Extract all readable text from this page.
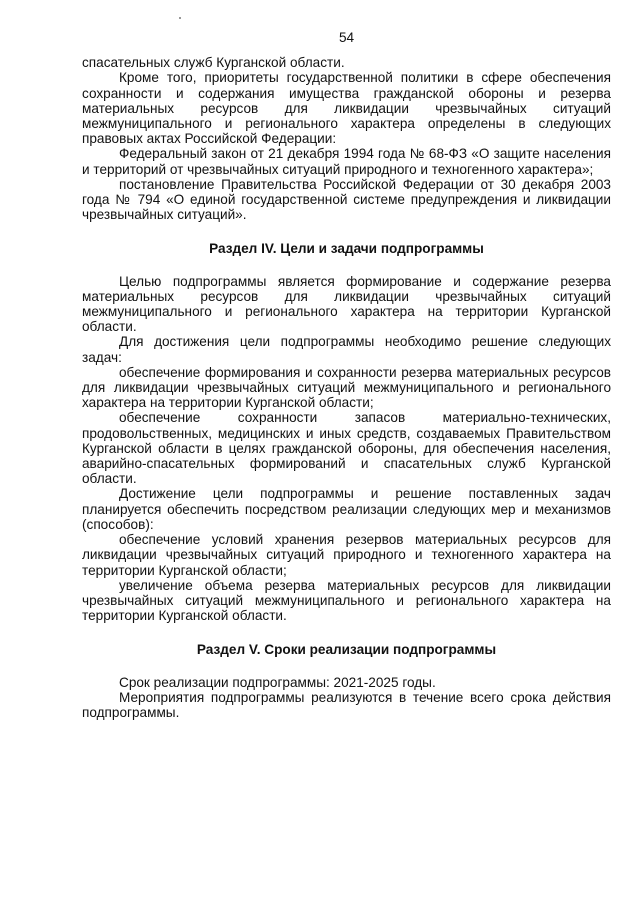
54

спасательных служб Курганской области.

Кроме того, приоритеты государственной политики в сфере обеспечения сохранности и содержания имущества гражданской обороны и резерва материальных ресурсов для ликвидации чрезвычайных ситуаций межмуниципального и регионального характера определены в следующих правовых актах Российской Федерации:

Федеральный закон от 21 декабря 1994 года № 68-ФЗ «О защите населения и территорий от чрезвычайных ситуаций природного и техногенного характера»;

постановление Правительства Российской Федерации от 30 декабря 2003 года № 794 «О единой государственной системе предупреждения и ликвидации чрезвычайных ситуаций».

Раздел IV. Цели и задачи подпрограммы

Целью подпрограммы является формирование и содержание резерва материальных ресурсов для ликвидации чрезвычайных ситуаций межмуниципального и регионального характера на территории Курганской области.

Для достижения цели подпрограммы необходимо решение следующих задач:

обеспечение формирования и сохранности резерва материальных ресурсов для ликвидации чрезвычайных ситуаций межмуниципального и регионального характера на территории Курганской области;

обеспечение сохранности запасов материально-технических, продовольственных, медицинских и иных средств, создаваемых Правительством Курганской области в целях гражданской обороны, для обеспечения населения, аварийно-спасательных формирований и спасательных служб Курганской области.

Достижение цели подпрограммы и решение поставленных задач планируется обеспечить посредством реализации следующих мер и механизмов (способов):

обеспечение условий хранения резервов материальных ресурсов для ликвидации чрезвычайных ситуаций природного и техногенного характера на территории Курганской области;

увеличение объема резерва материальных ресурсов для ликвидации чрезвычайных ситуаций межмуниципального и регионального характера на территории Курганской области.

Раздел V. Сроки реализации подпрограммы

Срок реализации подпрограммы: 2021-2025 годы.

Мероприятия подпрограммы реализуются в течение всего срока действия подпрограммы.
